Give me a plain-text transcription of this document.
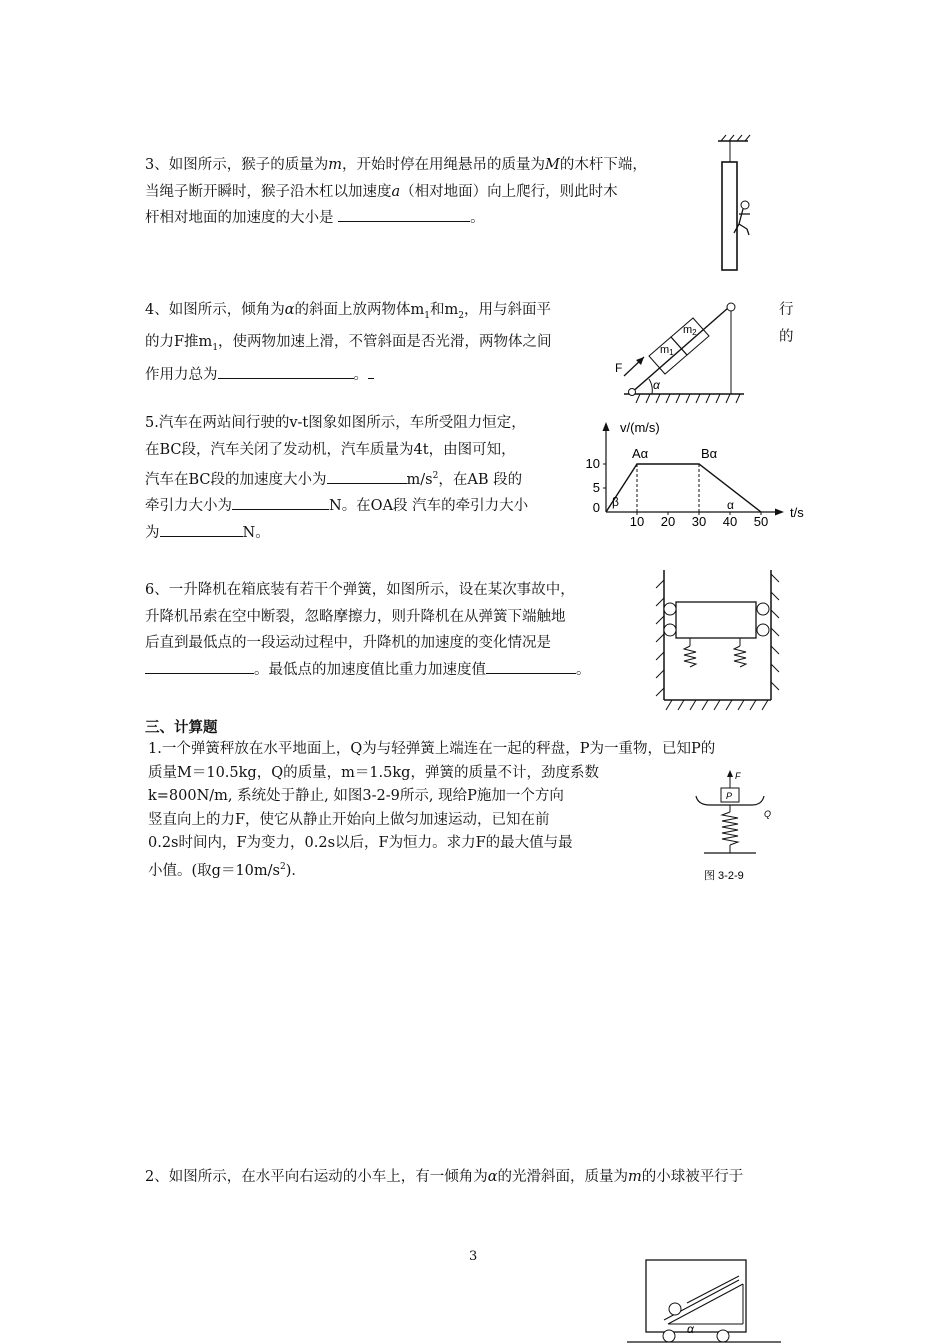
3、如图所示，猴子的质量为m，开始时停在用绳悬吊的质量为M的木杆下端，

当绳子断开瞬时，猴子沿木杠以加速度a（相对地面）向上爬行，则此时木

杆相对地面的加速度的大小是	。

4、如图所示，倾角为α的斜面上放两物体$m_1$和$m_2$，用与斜面平

的力F推$m_1$，使两物加速上滑，不管斜面是否光滑，两物体之间

作用力总为	。

行

的

m1
m2
F
α

5.汽车在两站间行驶的v-t图象如图所示，车所受阻力恒定，

在BC段，汽车关闭了发动机，汽车质量为4t，由图可知，

汽车在BC段的加速度大小为	$m/s^2$，在AB 段的

牵引力大小为	N。在OA段 汽车的牵引力大小

为	N。

v/(m/s)
t/s
10
5
0
10 20 30 40 50
Aα	Bα
β	α

6、一升降机在箱底装有若干个弹簧，如图所示，设在某次事故中，

升降机吊索在空中断裂，忽略摩擦力，则升降机在从弹簧下端触地

后直到最低点的一段运动过程中，升降机的加速度的变化情况是

。最低点的加速度值比重力加速度值	。

三、计算题

1.一个弹簧秤放在水平地面上，Q为与轻弹簧上端连在一起的秤盘，P为一重物，已知P的

质量M＝10.5kg，Q的质量，m＝1.5kg，弹簧的质量不计，劲度系数

k=800N/m, 系统处于静止, 如图3-2-9所示, 现给P施加一个方向

竖直向上的力F，使它从静止开始向上做匀加速运动，已知在前

0.2s时间内，F为变力，0.2s以后，F为恒力。求力F的最大值与最

小值。(取$g=10m/s^2$)．

F
P
Q
图 3-2-9

2、如图所示，在水平向右运动的小车上，有一倾角为α的光滑斜面，质量为m的小球被平行于

3
α
